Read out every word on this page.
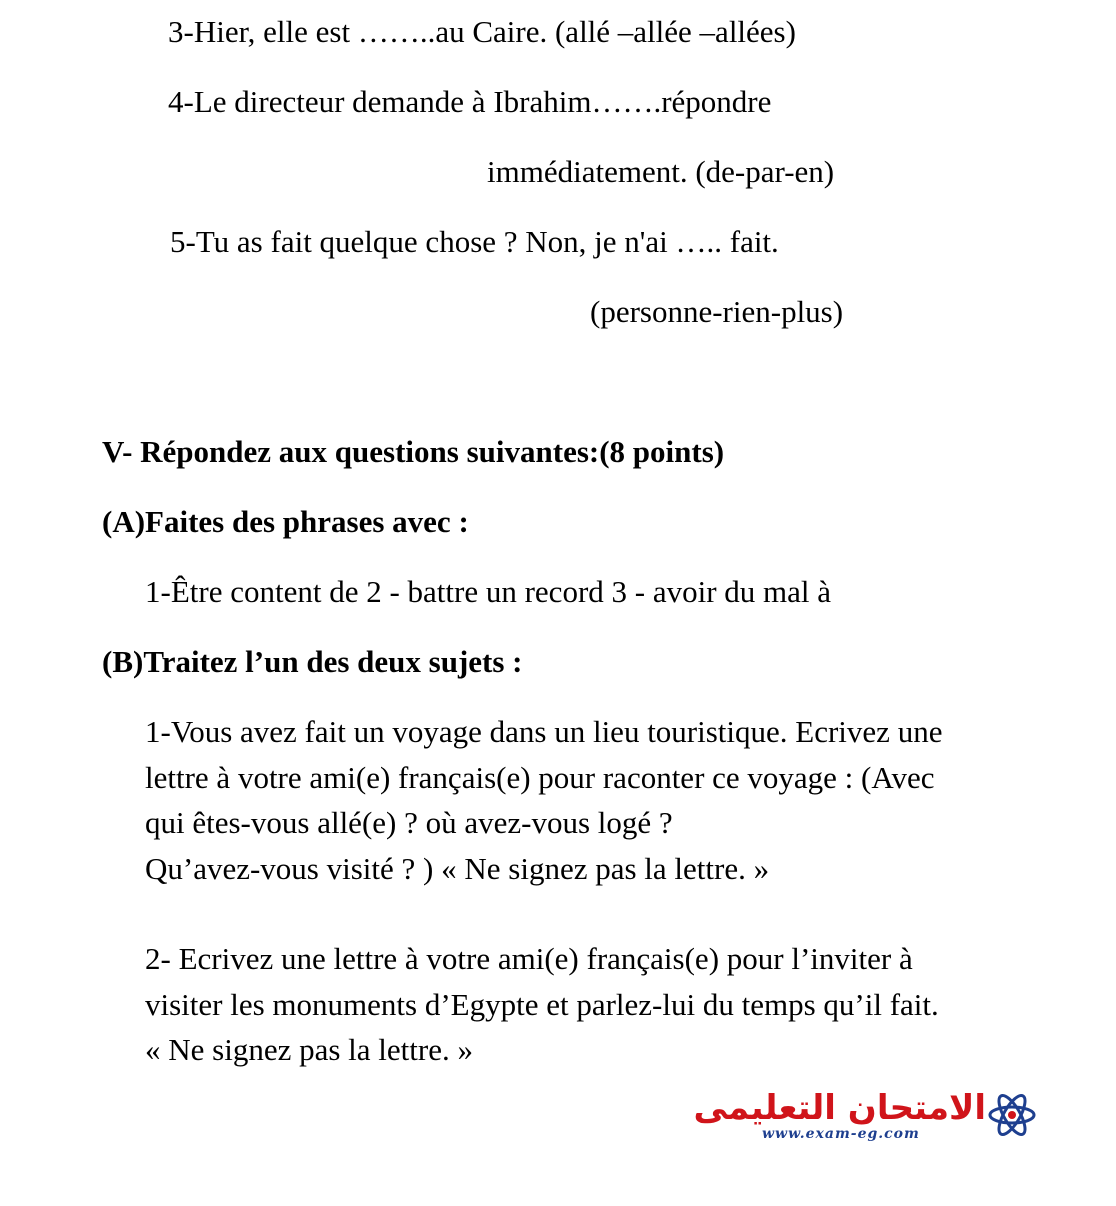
3-Hier, elle est ……..au Caire. (allé –allée –allées)
4-Le directeur demande à Ibrahim…….répondre
immédiatement. (de-par-en)
5-Tu as fait quelque chose ? Non, je n'ai ….. fait.
(personne-rien-plus)
V- Répondez aux questions suivantes:(8 points)
(A)Faites des phrases avec :
1-Être content de 2 - battre un record 3 - avoir du mal à
(B)Traitez l’un des deux sujets :
1-Vous avez fait un voyage dans un lieu touristique. Ecrivez une
lettre à votre ami(e) français(e) pour raconter ce voyage : (Avec
qui êtes-vous allé(e) ? où avez-vous logé ?
Qu’avez-vous visité ? ) « Ne signez pas la lettre. »
2- Ecrivez une lettre à votre ami(e) français(e) pour l’inviter à
visiter les monuments d’Egypte et parlez-lui du temps qu’il fait.
« Ne signez pas la lettre. »
الامتحان التعليمى
www.exam-eg.com
